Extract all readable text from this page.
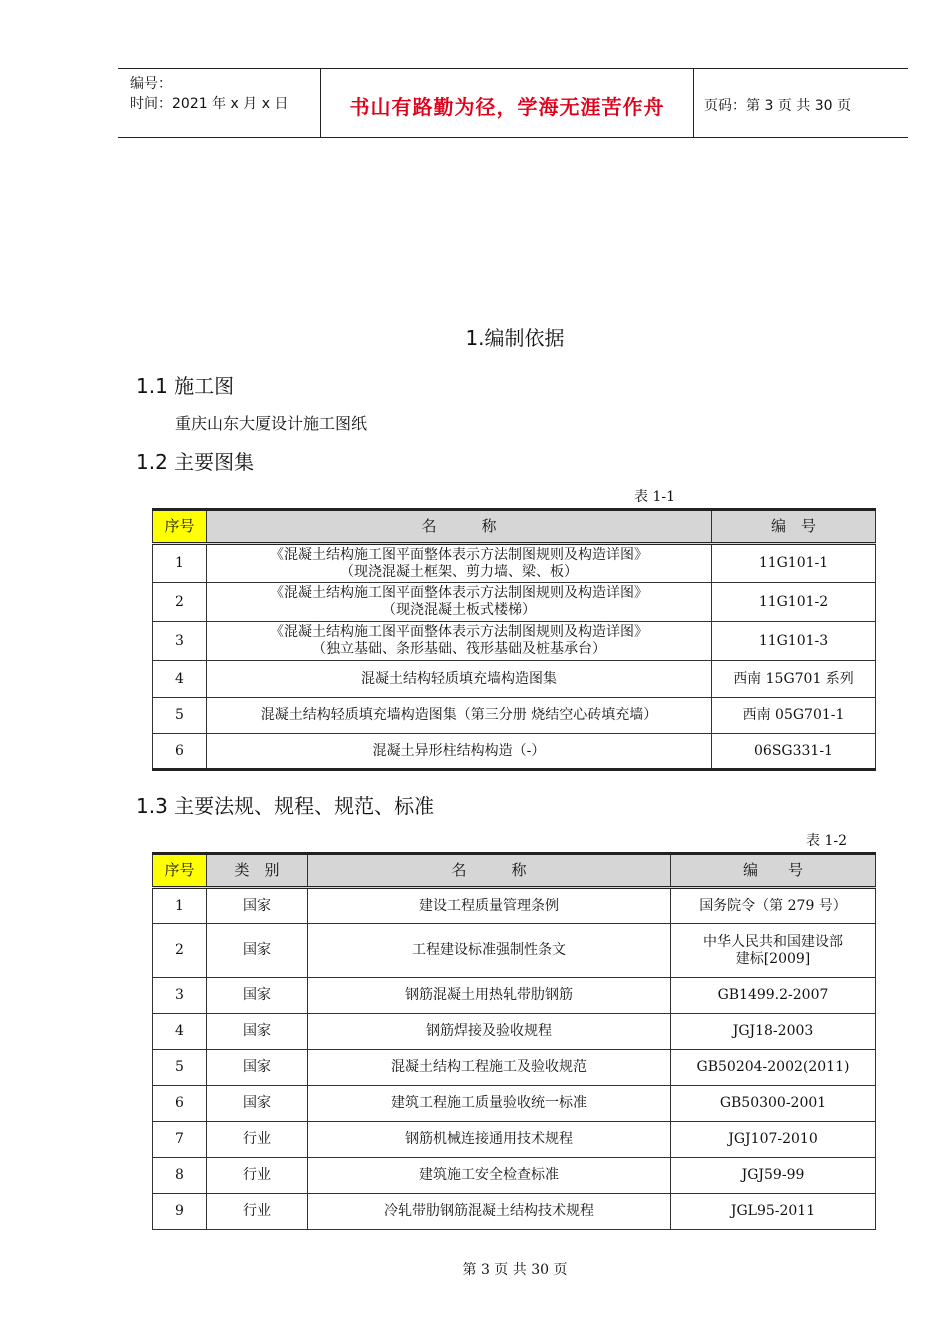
编号：
时间：2021 年 x 月 x 日	书山有路勤为径，学海无涯苦作舟	页码：第 3 页 共 30 页
1.编制依据
1.1 施工图
重庆山东大厦设计施工图纸
1.2 主要图集
表 1-1
序号	名　　　称	编　号
1	《混凝土结构施工图平面整体表示方法制图规则及构造详图》
（现浇混凝土框架、剪力墙、梁、板）	11G101-1
2	《混凝土结构施工图平面整体表示方法制图规则及构造详图》
（现浇混凝土板式楼梯）	11G101-2
3	《混凝土结构施工图平面整体表示方法制图规则及构造详图》
（独立基础、条形基础、筏形基础及桩基承台）	11G101-3
4	混凝土结构轻质填充墙构造图集	西南 15G701 系列
5	混凝土结构轻质填充墙构造图集（第三分册 烧结空心砖填充墙）	西南 05G701-1
6	混凝土异形柱结构构造（-）	06SG331-1
1.3 主要法规、规程、规范、标准
表 1-2
序号	类　别	名　　　称	编　　号
1	国家	建设工程质量管理条例	国务院令（第 279 号）

2	国家	工程建设标准强制性条文	中华人民共和国建设部
建标[2009]

3	国家	钢筋混凝土用热轧带肋钢筋	GB1499.2-2007

4	国家	钢筋焊接及验收规程	JGJ18-2003

5	国家	混凝土结构工程施工及验收规范	GB50204-2002(2011)

6	国家	建筑工程施工质量验收统一标准	GB50300-2001

7	行业	钢筋机械连接通用技术规程	JGJ107-2010

8	行业	建筑施工安全检查标准	JGJ59-99

9	行业	冷轧带肋钢筋混凝土结构技术规程	JGL95-2011
第 3 页 共 30 页
